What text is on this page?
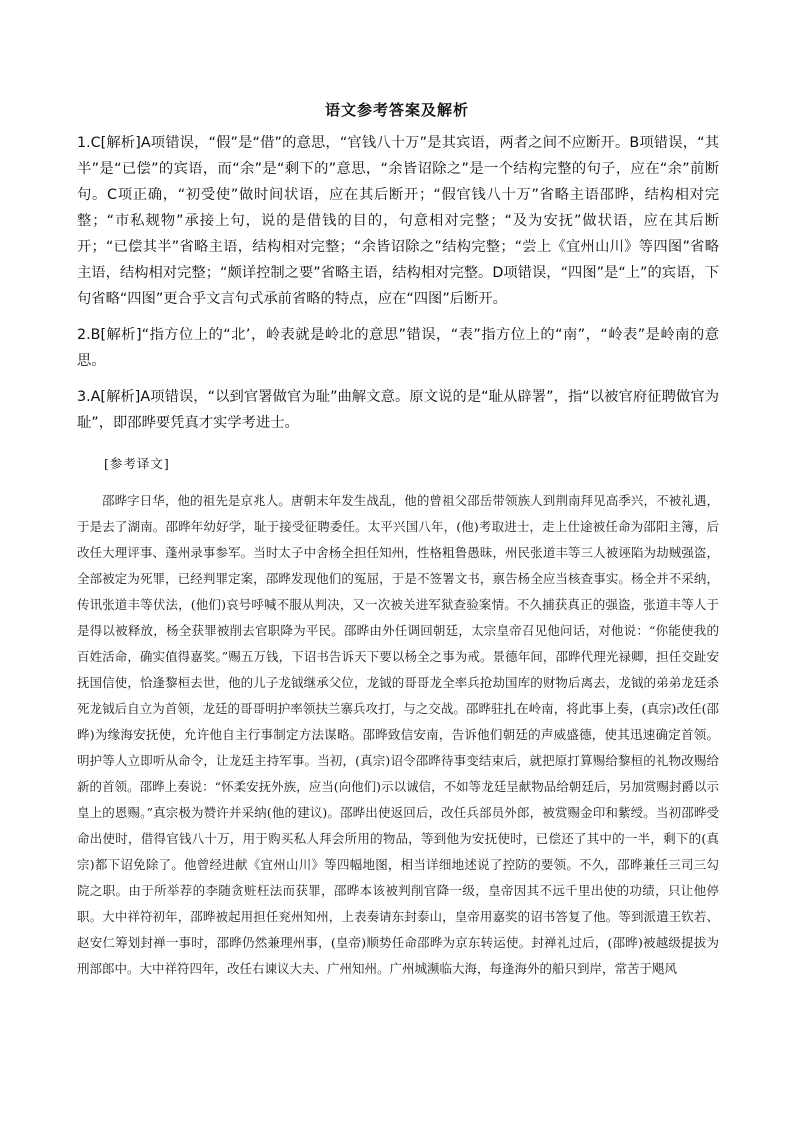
语文参考答案及解析

1.C[解析]A项错误，“假”是“借”的意思，“官钱八十万”是其宾语，两者之间不应断开。B项错误，“其半”是“已偿”的宾语，而“余”是“剩下的”意思，“余皆诏除之”是一个结构完整的句子，应在“余”前断句。C项正确，“初受使”做时间状语，应在其后断开；“假官钱八十万”省略主语邵晔，结构相对完整；“市私觌物”承接上句，说的是借钱的目的，句意相对完整；“及为安抚”做状语，应在其后断开；“已偿其半”省略主语，结构相对完整；“余皆诏除之”结构完整；“尝上《宜州山川》等四图”省略主语，结构相对完整；“颇详控制之要”省略主语，结构相对完整。D项错误，“四图”是“上”的宾语，下句省略“四图”更合乎文言句式承前省略的特点，应在“四图”后断开。

2.B[解析]“指方位上的“北’，岭表就是岭北的意思”错误，“表”指方位上的“南”，“岭表”是岭南的意思。

3.A[解析]A项错误，“以到官署做官为耻”曲解文意。原文说的是“耻从辟署”，指“以被官府征聘做官为耻”，即邵晔要凭真才实学考进士。

[参考译文]

邵晔字日华，他的祖先是京兆人。唐朝末年发生战乱，他的曾祖父邵岳带领族人到荆南拜见高季兴，不被礼遇，于是去了湖南。邵晔年幼好学，耻于接受征聘委任。太平兴国八年，(他)考取进士，走上仕途被任命为邵阳主簿，后改任大理评事、蓬州录事参军。当时太子中舍杨全担任知州，性格粗鲁愚昧，州民张道丰等三人被诬陷为劫贼强盗，全部被定为死罪，已经判罪定案，邵晔发现他们的冤屈，于是不签署文书，禀告杨全应当核查事实。杨全并不采纳，传讯张道丰等伏法，(他们)哀号呼喊不服从判决，又一次被关进军狱查验案情。不久捕获真正的强盗，张道丰等人于是得以被释放，杨全获罪被削去官职降为平民。邵晔由外任调回朝廷，太宗皇帝召见他问话，对他说：“你能使我的百姓活命，确实值得嘉奖。”赐五万钱，下诏书告诉天下要以杨全之事为戒。景德年间，邵晔代理光禄卿，担任交趾安抚国信使，恰逢黎桓去世，他的儿子龙钺继承父位，龙钺的哥哥龙全率兵抢劫国库的财物后离去，龙钺的弟弟龙廷杀死龙钺后自立为首领，龙廷的哥哥明护率领扶兰寨兵攻打，与之交战。邵晔驻扎在岭南，将此事上奏，(真宗)改任(邵晔)为缘海安抚使，允许他自主行事制定方法谋略。邵晔致信安南，告诉他们朝廷的声威盛德，使其迅速确定首领。明护等人立即听从命令，让龙廷主持军事。当初，(真宗)诏令邵晔待事变结束后，就把原打算赐给黎桓的礼物改赐给新的首领。邵晔上奏说：“怀柔安抚外族，应当(向他们)示以诚信，不如等龙廷呈献物品给朝廷后，另加赏赐封爵以示皇上的恩赐。”真宗极为赞许并采纳(他的建议)。邵晔出使返回后，改任兵部员外郎，被赏赐金印和紫绶。当初邵晔受命出使时，借得官钱八十万，用于购买私人拜会所用的物品，等到他为安抚使时，已偿还了其中的一半，剩下的(真宗)都下诏免除了。他曾经进献《宜州山川》等四幅地图，相当详细地述说了控防的要领。不久，邵晔兼任三司三勾院之职。由于所举荐的李随贪赃枉法而获罪，邵晔本该被判削官降一级，皇帝因其不远千里出使的功绩，只让他停职。大中祥符初年，邵晔被起用担任兖州知州，上表奏请东封泰山，皇帝用嘉奖的诏书答复了他。等到派遣王钦若、赵安仁筹划封禅一事时，邵晔仍然兼理州事，(皇帝)顺势任命邵晔为京东转运使。封禅礼过后，(邵晔)被越级提拔为刑部郎中。大中祥符四年，改任右谏议大夫、广州知州。广州城濒临大海，每逢海外的船只到岸，常苦于飓风
